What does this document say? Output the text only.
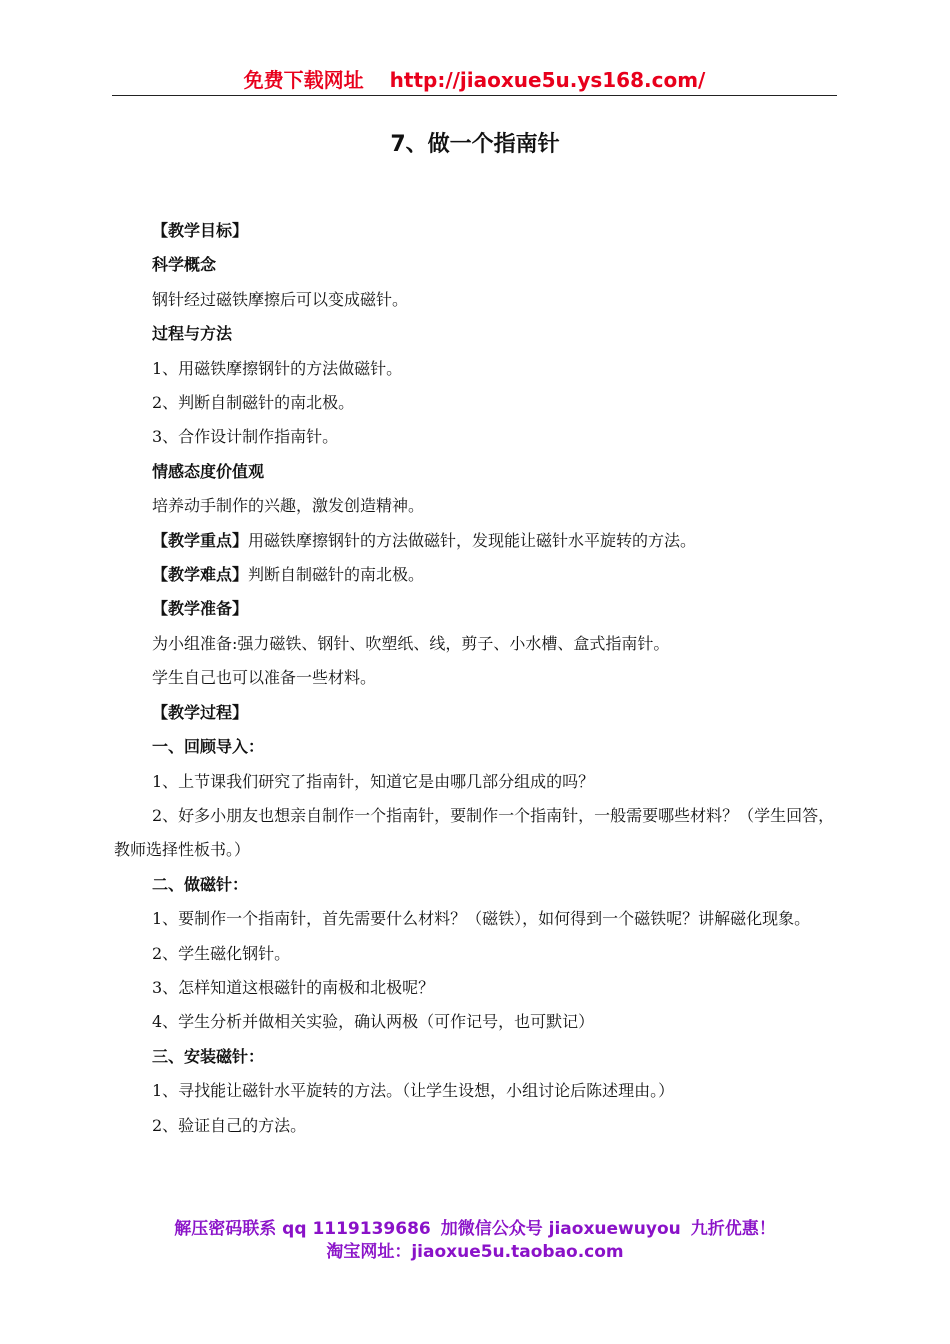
免费下载网址 http://jiaoxue5u.ys168.com/
7、做一个指南针

【教学目标】

科学概念

钢针经过磁铁摩擦后可以变成磁针。

过程与方法

1、用磁铁摩擦钢针的方法做磁针。

2、判断自制磁针的南北极。

3、合作设计制作指南针。

情感态度价值观

培养动手制作的兴趣，激发创造精神。

【教学重点】用磁铁摩擦钢针的方法做磁针，发现能让磁针水平旋转的方法。

【教学难点】判断自制磁针的南北极。

【教学准备】

为小组准备:强力磁铁、钢针、吹塑纸、线，剪子、小水槽、盒式指南针。

学生自己也可以准备一些材料。

【教学过程】

一、回顾导入：

1、上节课我们研究了指南针，知道它是由哪几部分组成的吗？

2、好多小朋友也想亲自制作一个指南针，要制作一个指南针，一般需要哪些材料？（学生回答，教师选择性板书。）

二、做磁针：

1、要制作一个指南针，首先需要什么材料？（磁铁），如何得到一个磁铁呢？讲解磁化现象。

2、学生磁化钢针。

3、怎样知道这根磁针的南极和北极呢？

4、学生分析并做相关实验，确认两极（可作记号，也可默记）

三、安装磁针：

1、寻找能让磁针水平旋转的方法。（让学生设想，小组讨论后陈述理由。）

2、验证自己的方法。

解压密码联系 qq 1119139686 加微信公众号 jiaoxuewuyou 九折优惠！
淘宝网址：jiaoxue5u.taobao.com
